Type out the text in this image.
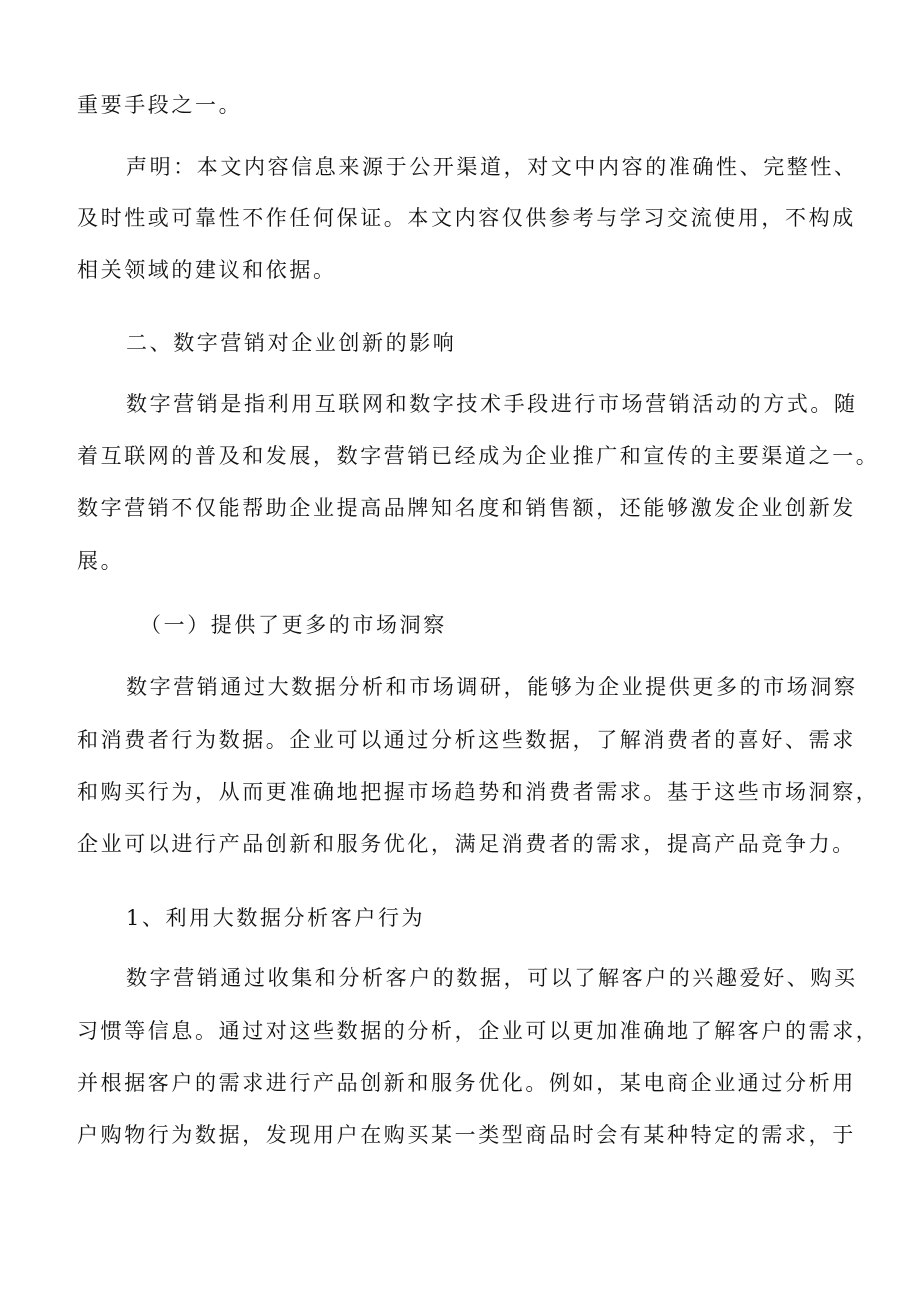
重要手段之一。
声明：本文内容信息来源于公开渠道，对文中内容的准确性、完整性、
及时性或可靠性不作任何保证。本文内容仅供参考与学习交流使用，不构成
相关领域的建议和依据。
二、数字营销对企业创新的影响
数字营销是指利用互联网和数字技术手段进行市场营销活动的方式。随
着互联网的普及和发展，数字营销已经成为企业推广和宣传的主要渠道之一。
数字营销不仅能帮助企业提高品牌知名度和销售额，还能够激发企业创新发
展。
（一）提供了更多的市场洞察
数字营销通过大数据分析和市场调研，能够为企业提供更多的市场洞察
和消费者行为数据。企业可以通过分析这些数据，了解消费者的喜好、需求
和购买行为，从而更准确地把握市场趋势和消费者需求。基于这些市场洞察，
企业可以进行产品创新和服务优化，满足消费者的需求，提高产品竞争力。
1、利用大数据分析客户行为
数字营销通过收集和分析客户的数据，可以了解客户的兴趣爱好、购买
习惯等信息。通过对这些数据的分析，企业可以更加准确地了解客户的需求，
并根据客户的需求进行产品创新和服务优化。例如，某电商企业通过分析用
户购物行为数据，发现用户在购买某一类型商品时会有某种特定的需求，于
